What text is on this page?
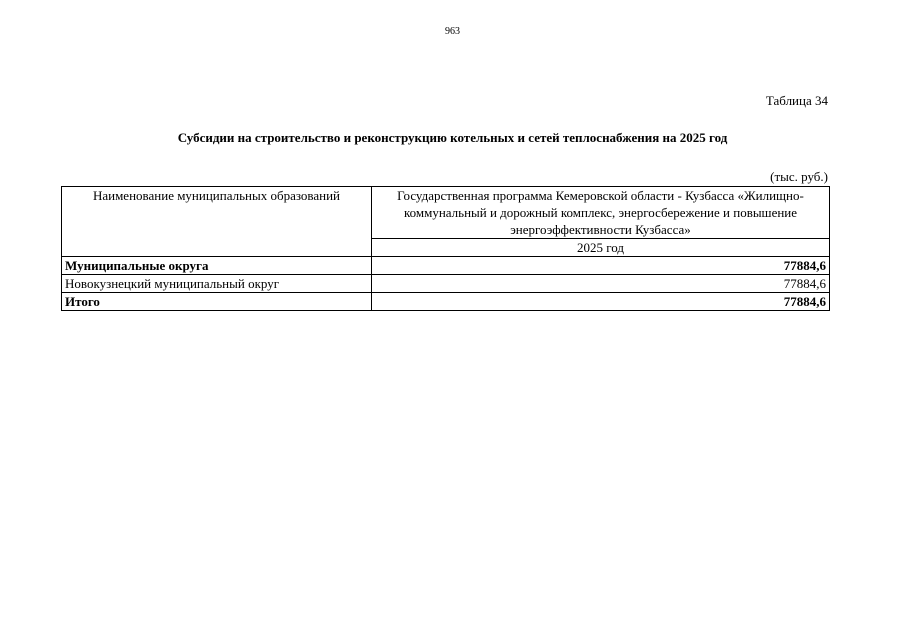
963
Таблица 34
Субсидии на строительство и реконструкцию котельных и сетей теплоснабжения на 2025 год
(тыс. руб.)
Наименование муниципальных образований	Государственная программа Кемеровской области - Кузбасса «Жилищно-коммунальный и дорожный комплекс, энергосбережение и повышение энергоэффективности Кузбасса»
	2025 год
Муниципальные округа	77884,6
Новокузнецкий муниципальный округ	77884,6
Итого	77884,6
